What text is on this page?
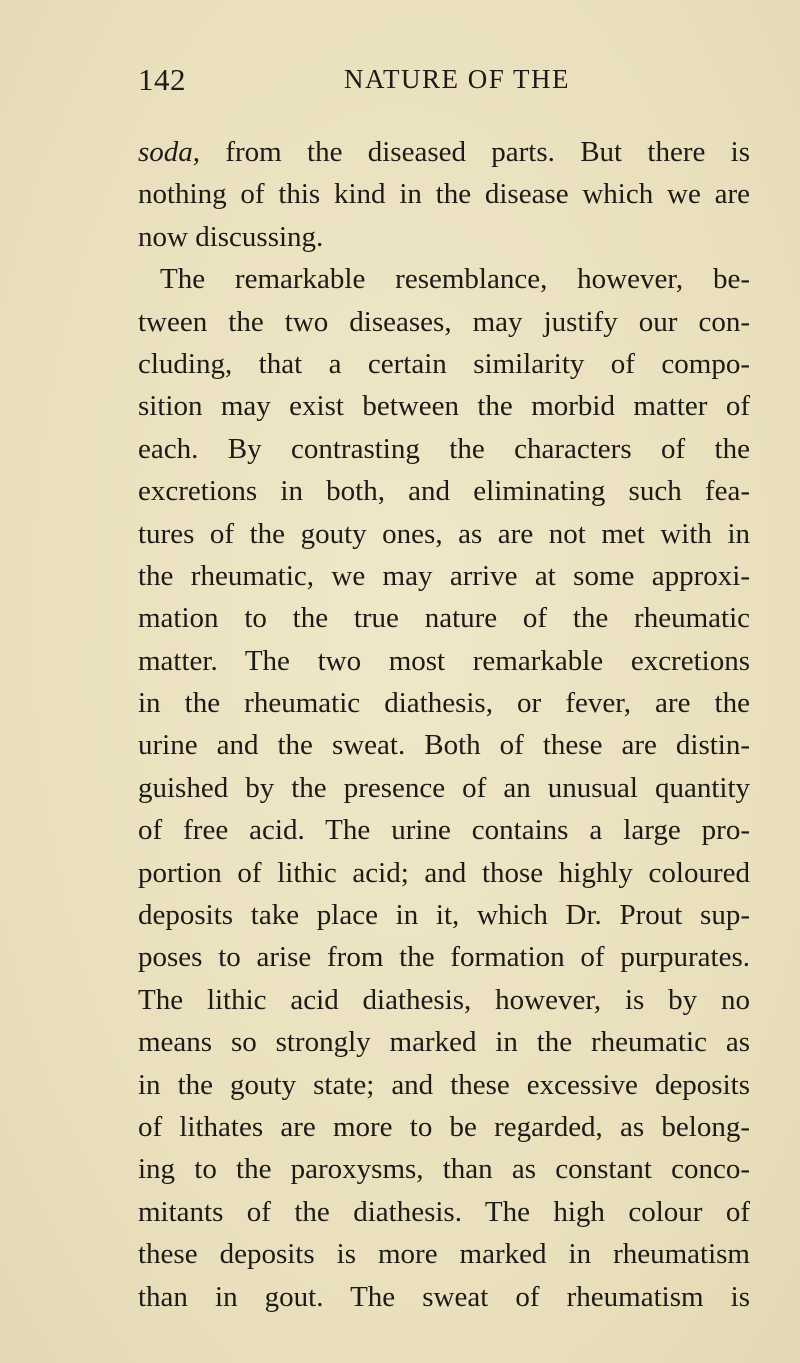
142	NATURE OF THE
soda, from the diseased parts. But there is
nothing of this kind in the disease which we are
now discussing.
The remarkable resemblance, however, be-
tween the two diseases, may justify our con-
cluding, that a certain similarity of compo-
sition may exist between the morbid matter of
each. By contrasting the characters of the
excretions in both, and eliminating such fea-
tures of the gouty ones, as are not met with in
the rheumatic, we may arrive at some approxi-
mation to the true nature of the rheumatic
matter. The two most remarkable excretions
in the rheumatic diathesis, or fever, are the
urine and the sweat. Both of these are distin-
guished by the presence of an unusual quantity
of free acid. The urine contains a large pro-
portion of lithic acid; and those highly coloured
deposits take place in it, which Dr. Prout sup-
poses to arise from the formation of purpurates.
The lithic acid diathesis, however, is by no
means so strongly marked in the rheumatic as
in the gouty state; and these excessive deposits
of lithates are more to be regarded, as belong-
ing to the paroxysms, than as constant conco-
mitants of the diathesis. The high colour of
these deposits is more marked in rheumatism
than in gout. The sweat of rheumatism is
